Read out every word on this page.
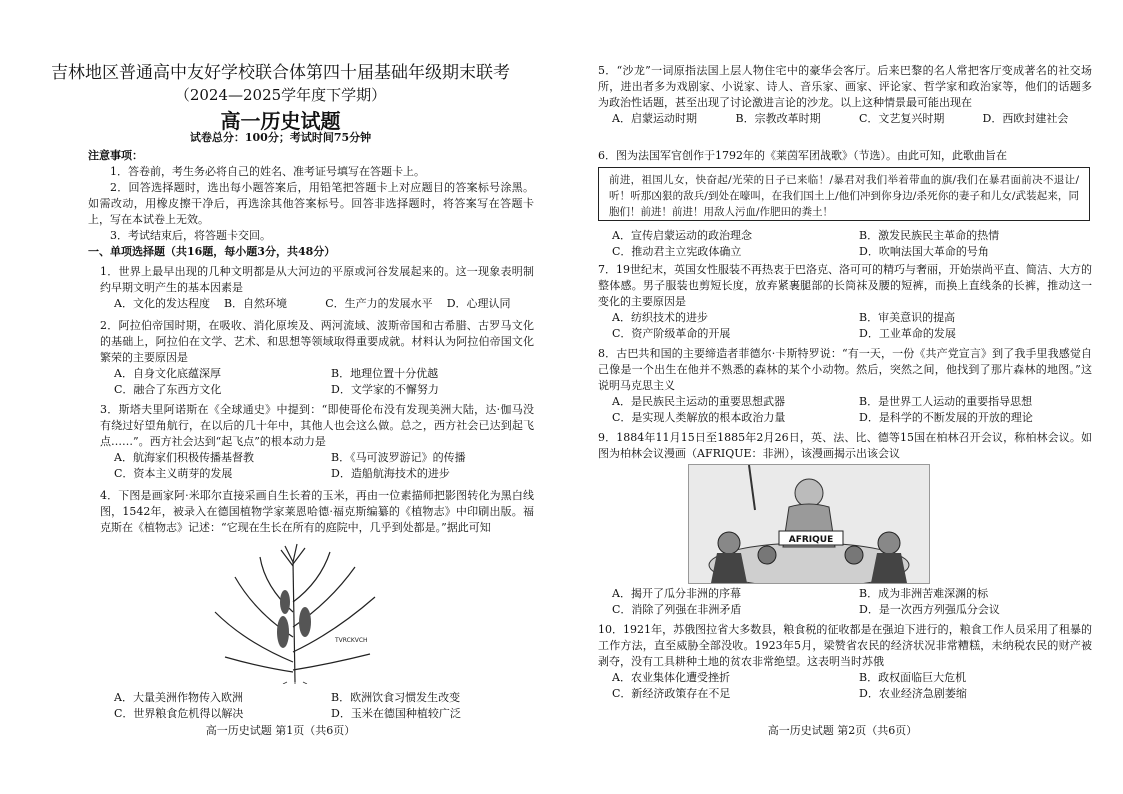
吉林地区普通高中友好学校联合体第四十届基础年级期末联考
（2024—2025学年度下学期）
高一历史试题
试卷总分：100分；考试时间75分钟
注意事项：

1．答卷前，考生务必将自己的姓名、准考证号填写在答题卡上。

2．回答选择题时，选出每小题答案后，用铅笔把答题卡上对应题目的答案标号涂黑。如需改动，用橡皮擦干净后，再选涂其他答案标号。回答非选择题时，将答案写在答题卡上，写在本试卷上无效。

3．考试结束后，将答题卡交回。

一、单项选择题（共16题，每小题3分，共48分）

1．世界上最早出现的几种文明都是从大河边的平原或河谷发展起来的。这一现象表明制约早期文明产生的基本因素是

A．文化的发达程度	B．自然环境	C．生产力的发展水平	D．心理认同

2．阿拉伯帝国时期，在吸收、消化原埃及、两河流域、波斯帝国和古希腊、古罗马文化的基础上，阿拉伯在文学、艺术、和思想等领域取得重要成就。材料认为阿拉伯帝国文化繁荣的主要原因是

A．自身文化底蕴深厚	B．地理位置十分优越
C．融合了东西方文化	D．文学家的不懈努力

3．斯塔夫里阿诺斯在《全球通史》中提到：“即使哥伦布没有发现美洲大陆，达·伽马没有绕过好望角航行，在以后的几十年中，其他人也会这么做。总之，西方社会已达到起飞点……”。西方社会达到“起飞点”的根本动力是

A．航海家们积极传播基督教	B．《马可波罗游记》的传播
C．资本主义萌芽的发展	D．造船航海技术的进步

4．下图是画家阿·米耶尔直接采画自生长着的玉米，再由一位素描师把影图转化为黑白线图，1542年，被录入在德国植物学家莱恩哈德·福克斯编纂的《植物志》中印刷出版。福克斯在《植物志》记述：“它现在生长在所有的庭院中，几乎到处都是。”据此可知

TVRCKVCH
A．大量美洲作物传入欧洲	B．欧洲饮食习惯发生改变
C．世界粮食危机得以解决	D．玉米在德国种植较广泛
高一历史试题 第1页（共6页）

5．“沙龙”一词原指法国上层人物住宅中的豪华会客厅。后来巴黎的名人常把客厅变成著名的社交场所，进出者多为戏剧家、小说家、诗人、音乐家、画家、评论家、哲学家和政治家等，他们的话题多为政治性话题，甚至出现了讨论激进言论的沙龙。以上这种情景最可能出现在

A．启蒙运动时期	B．宗教改革时期	C．文艺复兴时期	D．西欧封建社会

6．图为法国军官创作于1792年的《莱茵军团战歌》（节选）。由此可知，此歌曲旨在

前进，祖国儿女，快奋起/光荣的日子已来临！/暴君对我们举着带血的旗/我们在暴君面前决不退让/听！听那凶狠的敌兵/到处在嚎叫，在我们国土上/他们冲到你身边/杀死你的妻子和儿女/武装起来，同胞们！前进！前进！用敌人污血/作肥田的粪土！
A．宣传启蒙运动的政治理念	B．激发民族民主革命的热情
C．推动君主立宪政体确立	D．吹响法国大革命的号角

7．19世纪末，英国女性服装不再热衷于巴洛克、洛可可的精巧与奢丽，开始崇尚平直、简洁、大方的整体感。男子服装也剪短长度，放弃紧裹腿部的长筒袜及腰的短裤，而换上直线条的长裤，推动这一变化的主要原因是

A．纺织技术的进步	B．审美意识的提高
C．资产阶级革命的开展	D．工业革命的发展

8．古巴共和国的主要缔造者菲德尔·卡斯特罗说：“有一天，一份《共产党宣言》到了我手里我感觉自己像是一个出生在他并不熟悉的森林的某个小动物。然后，突然之间，他找到了那片森林的地图。”这说明马克思主义

A．是民族民主运动的重要思想武器	B．是世界工人运动的重要指导思想
C．是实现人类解放的根本政治力量	D．是科学的不断发展的开放的理论

9．1884年11月15日至1885年2月26日，英、法、比、德等15国在柏林召开会议，称柏林会议。如图为柏林会议漫画（AFRIQUE：非洲），该漫画揭示出该会议

AFRIQUE
A．揭开了瓜分非洲的序幕	B．成为非洲苦难深渊的标
C．消除了列强在非洲矛盾	D．是一次西方列强瓜分会议

10．1921年，苏俄图拉省大多数县，粮食税的征收都是在强迫下进行的，粮食工作人员采用了租暴的工作方法，直至威胁全部没收。1923年5月，梁赞省农民的经济状况非常糟糕，未纳税农民的财产被剥夺，没有工具耕种土地的贫农非常绝望。这表明当时苏俄

A．农业集体化遭受挫折	B．政权面临巨大危机
C．新经济政策存在不足	D．农业经济急剧萎缩
高一历史试题 第2页（共6页）
